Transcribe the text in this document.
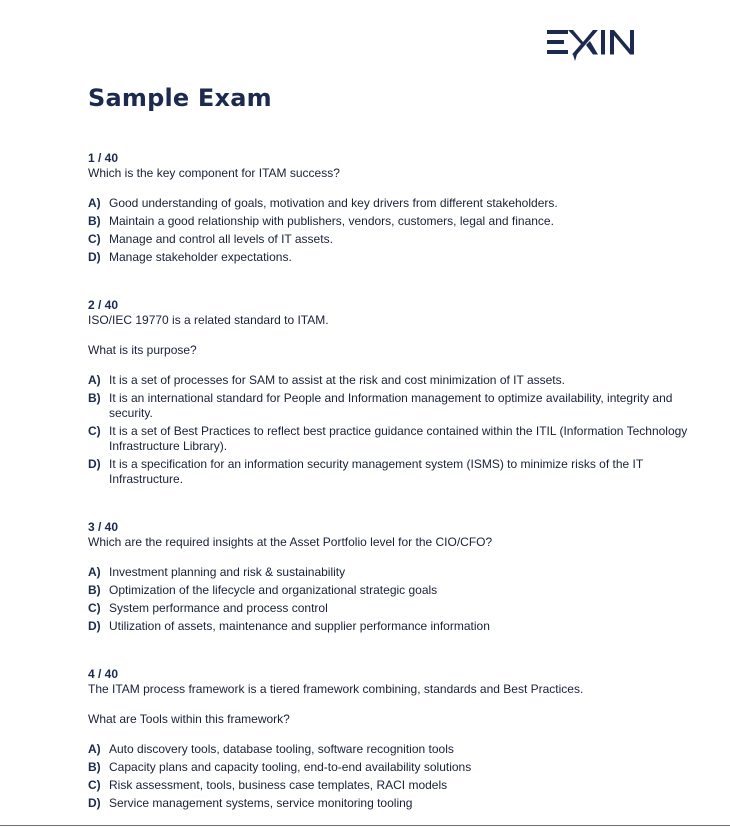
Sample Exam
1 / 40
Which is the key component for ITAM success?
A) Good understanding of goals, motivation and key drivers from different stakeholders.
B) Maintain a good relationship with publishers, vendors, customers, legal and finance.
C) Manage and control all levels of IT assets.
D) Manage stakeholder expectations.
2 / 40
ISO/IEC 19770 is a related standard to ITAM.
What is its purpose?
A) It is a set of processes for SAM to assist at the risk and cost minimization of IT assets.
B) It is an international standard for People and Information management to optimize availability, integrity and security.
C) It is a set of Best Practices to reflect best practice guidance contained within the ITIL (Information Technology Infrastructure Library).
D) It is a specification for an information security management system (ISMS) to minimize risks of the IT Infrastructure.
3 / 40
Which are the required insights at the Asset Portfolio level for the CIO/CFO?
A) Investment planning and risk & sustainability
B) Optimization of the lifecycle and organizational strategic goals
C) System performance and process control
D) Utilization of assets, maintenance and supplier performance information
4 / 40
The ITAM process framework is a tiered framework combining, standards and Best Practices.
What are Tools within this framework?
A) Auto discovery tools, database tooling, software recognition tools
B) Capacity plans and capacity tooling, end-to-end availability solutions
C) Risk assessment, tools, business case templates, RACI models
D) Service management systems, service monitoring tooling
